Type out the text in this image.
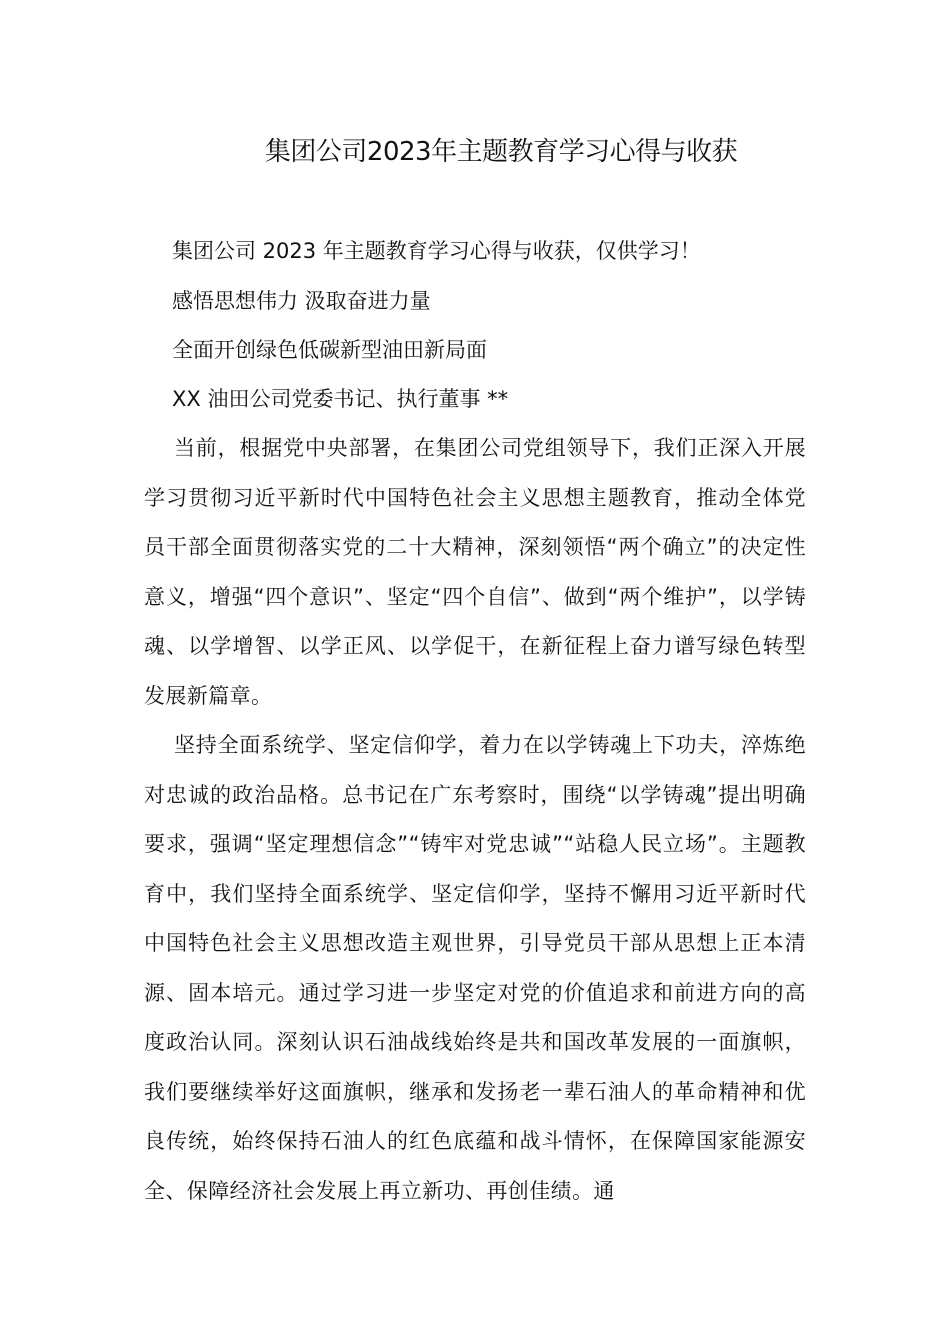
集团公司2023年主题教育学习心得与收获
集团公司 2023 年主题教育学习心得与收获，仅供学习！
感悟思想伟力 汲取奋进力量
全面开创绿色低碳新型油田新局面
XX 油田公司党委书记、执行董事 **
当前，根据党中央部署，在集团公司党组领导下，我们正深入开展学习贯彻习近平新时代中国特色社会主义思想主题教育，推动全体党员干部全面贯彻落实党的二十大精神，深刻领悟“两个确立”的决定性意义，增强“四个意识”、坚定“四个自信”、做到“两个维护”，以学铸魂、以学增智、以学正风、以学促干，在新征程上奋力谱写绿色转型发展新篇章。
坚持全面系统学、坚定信仰学，着力在以学铸魂上下功夫，淬炼绝对忠诚的政治品格。总书记在广东考察时，围绕“以学铸魂”提出明确要求，强调“坚定理想信念”“铸牢对党忠诚”“站稳人民立场”。主题教育中，我们坚持全面系统学、坚定信仰学，坚持不懈用习近平新时代中国特色社会主义思想改造主观世界，引导党员干部从思想上正本清源、固本培元。通过学习进一步坚定对党的价值追求和前进方向的高度政治认同。深刻认识石油战线始终是共和国改革发展的一面旗帜，我们要继续举好这面旗帜，继承和发扬老一辈石油人的革命精神和优良传统，始终保持石油人的红色底蕴和战斗情怀，在保障国家能源安全、保障经济社会发展上再立新功、再创佳绩。通
